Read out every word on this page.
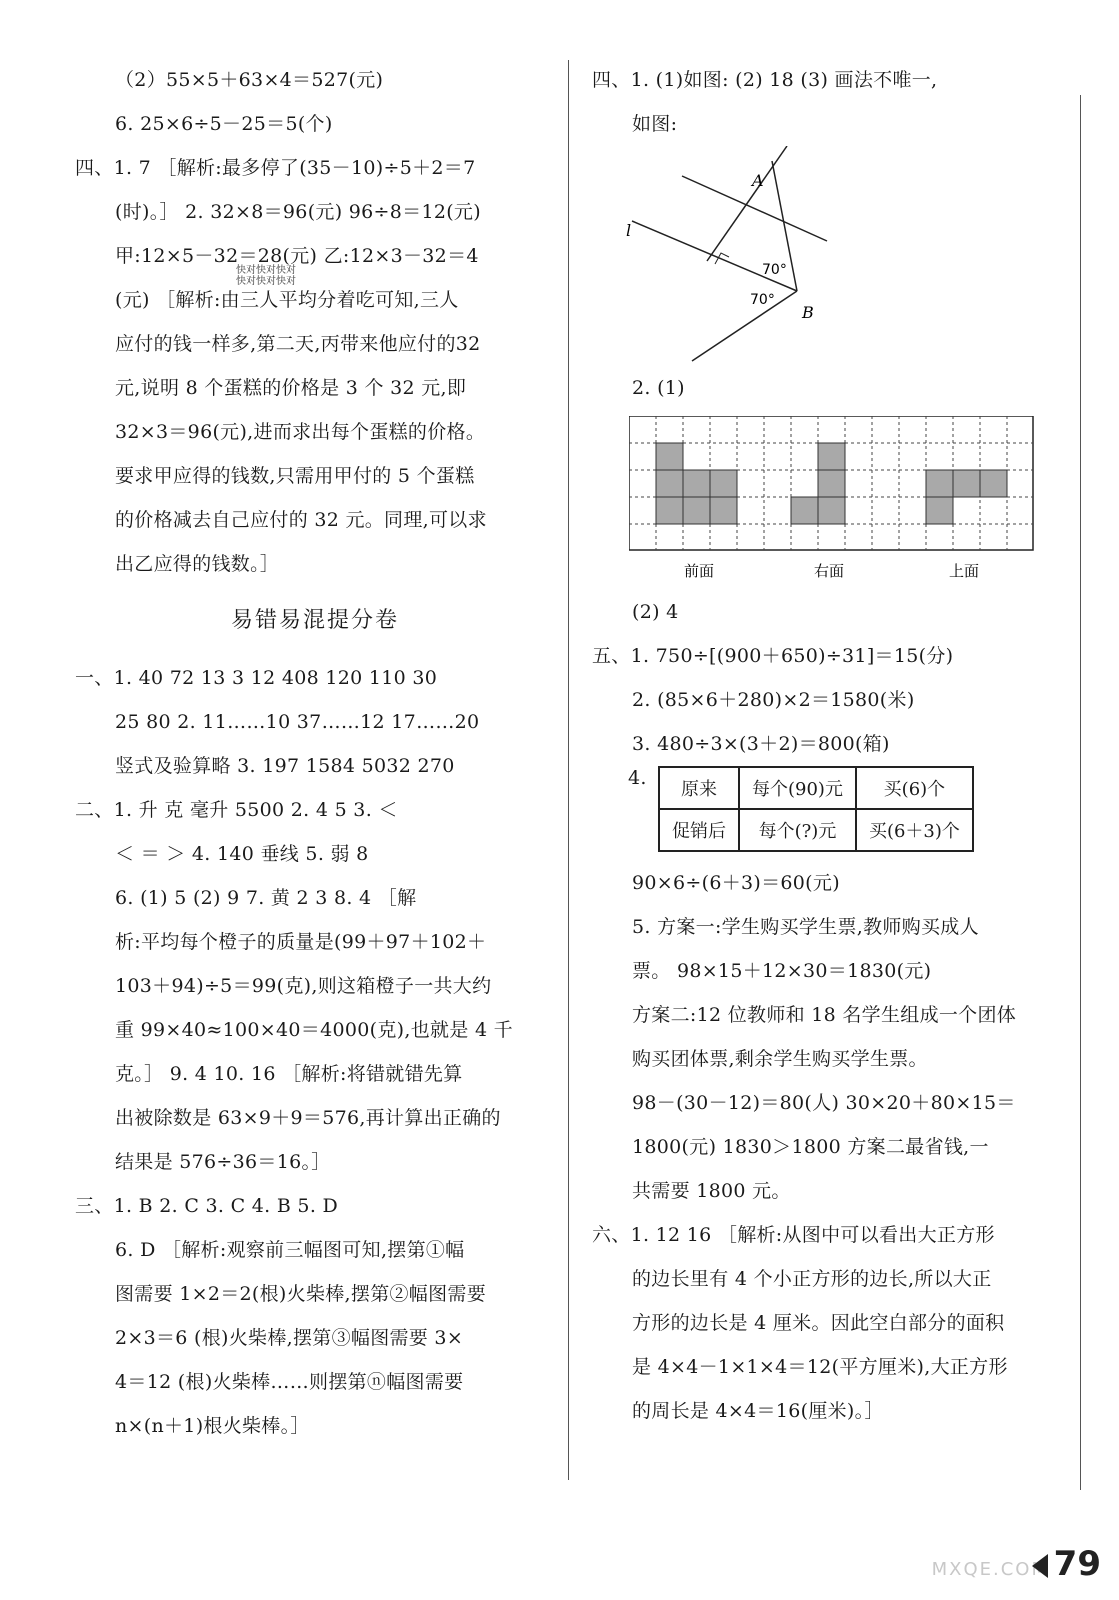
（2）55×5＋63×4＝527(元)
6. 25×6÷5－25＝5(个)
四、1. 7 ［解析:最多停了(35－10)÷5＋2＝7
(时)。］ 2. 32×8＝96(元) 96÷8＝12(元)
甲:12×5－32＝28(元) 乙:12×3－32＝4
(元) ［解析:由三人平均分着吃可知,三人
应付的钱一样多,第二天,丙带来他应付的32
元,说明 8 个蛋糕的价格是 3 个 32 元,即
32×3＝96(元),进而求出每个蛋糕的价格。
要求甲应得的钱数,只需用甲付的 5 个蛋糕
的价格减去自己应付的 32 元。同理,可以求
出乙应得的钱数。］
易错易混提分卷
一、1. 40 72 13 3 12 408 120 110 30
25 80 2. 11……10 37……12 17……20
竖式及验算略 3. 197 1584 5032 270
二、1. 升 克 毫升 5500 2. 4 5 3. ＜
＜ ＝ ＞ 4. 140 垂线 5. 弱 8
6. (1) 5 (2) 9 7. 黄 2 3 8. 4 ［解
析:平均每个橙子的质量是(99＋97＋102＋
103＋94)÷5＝99(克),则这箱橙子一共大约
重 99×40≈100×40＝4000(克),也就是 4 千
克。］ 9. 4 10. 16 ［解析:将错就错先算
出被除数是 63×9＋9＝576,再计算出正确的
结果是 576÷36＝16。］
三、1. B 2. C 3. C 4. B 5. D
6. D ［解析:观察前三幅图可知,摆第①幅
图需要 1×2＝2(根)火柴棒,摆第②幅图需要
2×3＝6 (根)火柴棒,摆第③幅图需要 3×
4＝12 (根)火柴棒……则摆第ⓝ幅图需要
n×(n＋1)根火柴棒。］
快对快对快对
快对快对快对
四、1. (1)如图: (2) 18 (3) 画法不唯一,
如图:
A
B
l
70°
70°
2. (1)
前面	右面	上面
(2) 4
五、1. 750÷[(900＋650)÷31]＝15(分)
2. (85×6＋280)×2＝1580(米)
3. 480÷3×(3＋2)＝800(箱)
4.
原来	每个(90)元	买(6)个
促销后	每个(?)元	买(6＋3)个
90×6÷(6＋3)＝60(元)
5. 方案一:学生购买学生票,教师购买成人
票。 98×15＋12×30＝1830(元)
方案二:12 位教师和 18 名学生组成一个团体
购买团体票,剩余学生购买学生票。
98－(30－12)＝80(人) 30×20＋80×15＝
1800(元) 1830＞1800 方案二最省钱,一
共需要 1800 元。
六、1. 12 16 ［解析:从图中可以看出大正方形
的边长里有 4 个小正方形的边长,所以大正
方形的边长是 4 厘米。因此空白部分的面积
是 4×4－1×1×4＝12(平方厘米),大正方形
的周长是 4×4＝16(厘米)。］
MXQE.COM 79
